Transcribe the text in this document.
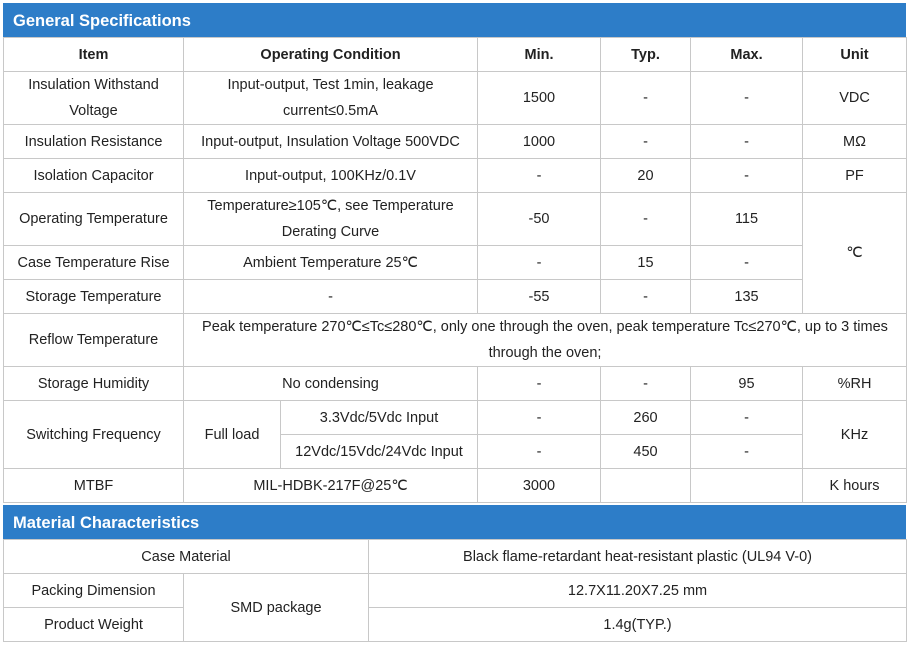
General Specifications
Item	Operating Condition		Min.	Typ.	Max.	Unit
Insulation Withstand Voltage	Input-output, Test 1min, leakage current≤0.5mA		1500	-	-	VDC
Insulation Resistance	Input-output, Insulation Voltage 500VDC		1000	-	-	MΩ
Isolation Capacitor	Input-output, 100KHz/0.1V		-	20	-	PF
Operating Temperature	Temperature≥105℃, see Temperature Derating Curve		-50	-	115	℃
Case Temperature Rise	Ambient Temperature 25℃		-	15	-	
Storage Temperature	-		-55	-	135	
Reflow Temperature	Peak temperature 270℃≤Tc≤280℃, only one through the oven, peak temperature Tc≤270℃, up to 3 times through the oven;					
Storage Humidity	No condensing		-	-	95	%RH
Switching Frequency	Full load	3.3Vdc/5Vdc Input	-	260	-	KHz
		12Vdc/15Vdc/24Vdc Input	-	450	-	
MTBF	MIL-HDBK-217F@25℃		3000			K hours
Material Characteristics
Case Material		Black flame-retardant heat-resistant plastic (UL94 V-0)
Packing Dimension	SMD package	12.7X11.20X7.25 mm
Product Weight		1.4g(TYP.)
